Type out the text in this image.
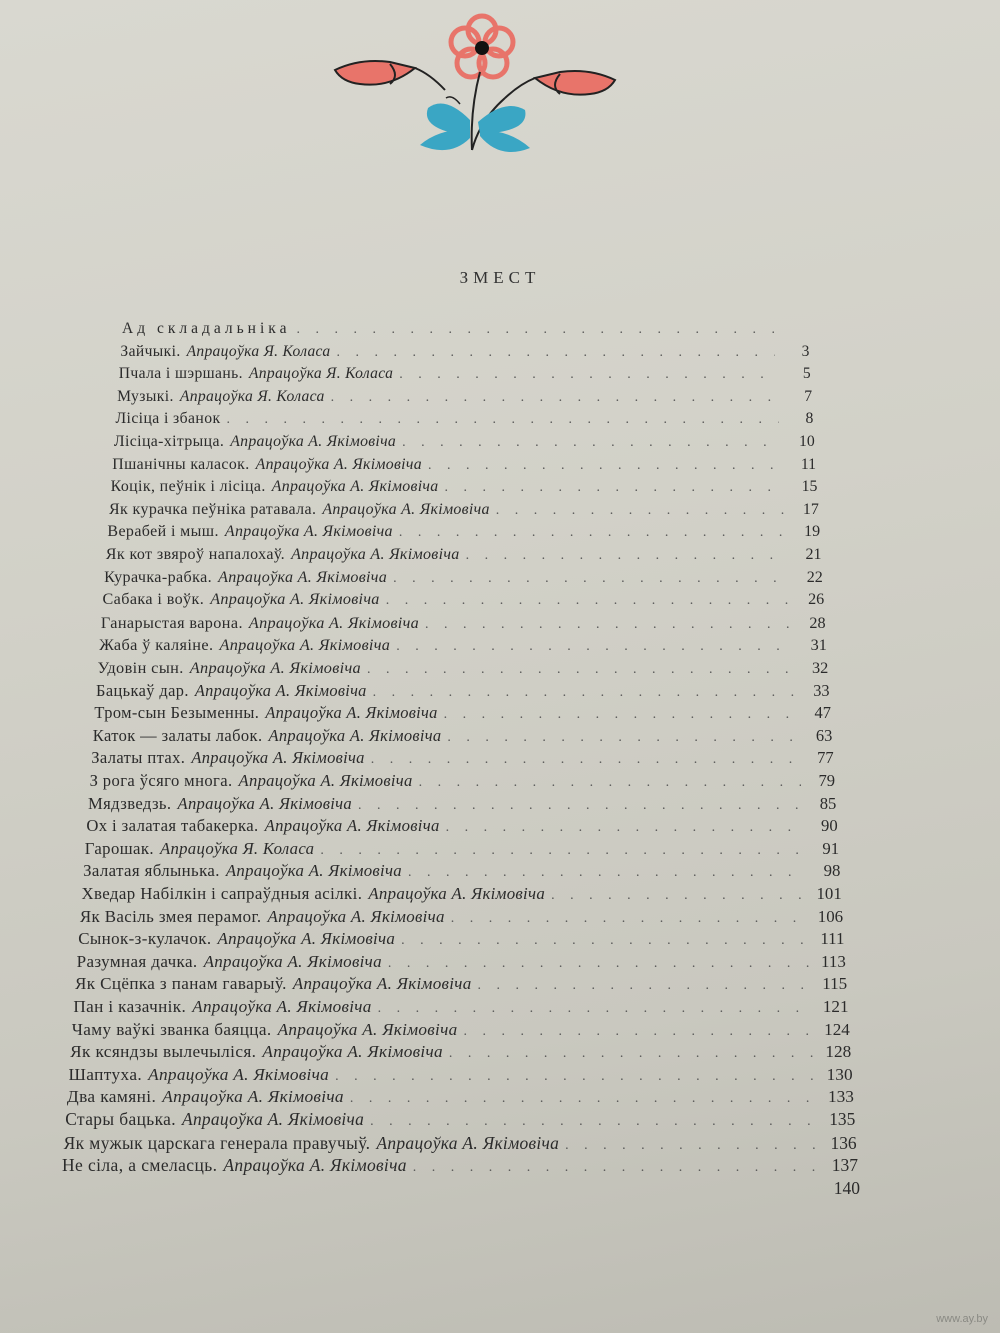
ЗМЕСТ
Ад складальніка
. . .
Зайчыкі. Апрацоўка Я. Коласа . . .	3
Пчала і шэршань. Апрацоўка Я. Коласа . . .	5
Музыкі. Апрацоўка Я. Коласа . . .	7
Лісіца і збанок . . .	8
Лісіца-хітрыца. Апрацоўка А. Якімовіча . . .	10
Пшанічны каласок. Апрацоўка А. Якімовіча . . .	11
Коцік, пеўнік і лісіца. Апрацоўка А. Якімовіча . . .	15
Як курачка пеўніка ратавала. Апрацоўка А. Якімовіча . . .	17
Верабей і мыш. Апрацоўка А. Якімовіча . . .	19
Як кот звяроў напалохаў. Апрацоўка А. Якімовіча . . .	21
Курачка-рабка. Апрацоўка А. Якімовіча . . .	22
Сабака і воўк. Апрацоўка А. Якімовіча . . .	26
Ганарыстая варона. Апрацоўка А. Якімовіча . . .	28
Жаба ў каляіне. Апрацоўка А. Якімовіча . . .	31
Удовін сын. Апрацоўка А. Якімовіча . . .	32
Бацькаў дар. Апрацоўка А. Якімовіча . . .	33
Тром-сын Безыменны. Апрацоўка А. Якімовіча . . .	47
Каток — залаты лабок. Апрацоўка А. Якімовіча . . .	63
Залаты птах. Апрацоўка А. Якімовіча . . .	77
З рога ўсяго многа. Апрацоўка А. Якімовіча . . .	79
Мядзведзь. Апрацоўка А. Якімовіча . . .	85
Ох і залатая табакерка. Апрацоўка А. Якімовіча . . .	90
Гарошак. Апрацоўка Я. Коласа . . .	91
Залатая яблынька. Апрацоўка А. Якімовіча . . .	98
Хведар Набілкін і сапраўдныя асілкі. Апрацоўка А. Якімовіча . . .	101
Як Васіль змея перамог. Апрацоўка А. Якімовіча . . .	106
Сынок-з-кулачок. Апрацоўка А. Якімовіча . . .	111
Разумная дачка. Апрацоўка А. Якімовіча . . .	113
Як Сцёпка з панам гаварыў. Апрацоўка А. Якімовіча . . .	115
Пан і казачнік. Апрацоўка А. Якімовіча . . .	121
Чаму ваўкі званка баяцца. Апрацоўка А. Якімовіча . . .	124
Як ксяндзы вылечыліся. Апрацоўка А. Якімовіча . . .	128
Шаптуха. Апрацоўка А. Якімовіча . . .	130
Два камяні. Апрацоўка А. Якімовіча . . .	133
Стары бацька. Апрацоўка А. Якімовіча . . .	135
Як мужык царскага генерала правучыў. Апрацоўка А. Якімовіча . . .	136
Не сіла, а смеласць. Апрацоўка А. Якімовіча . . .	137
140
www.ay.by
